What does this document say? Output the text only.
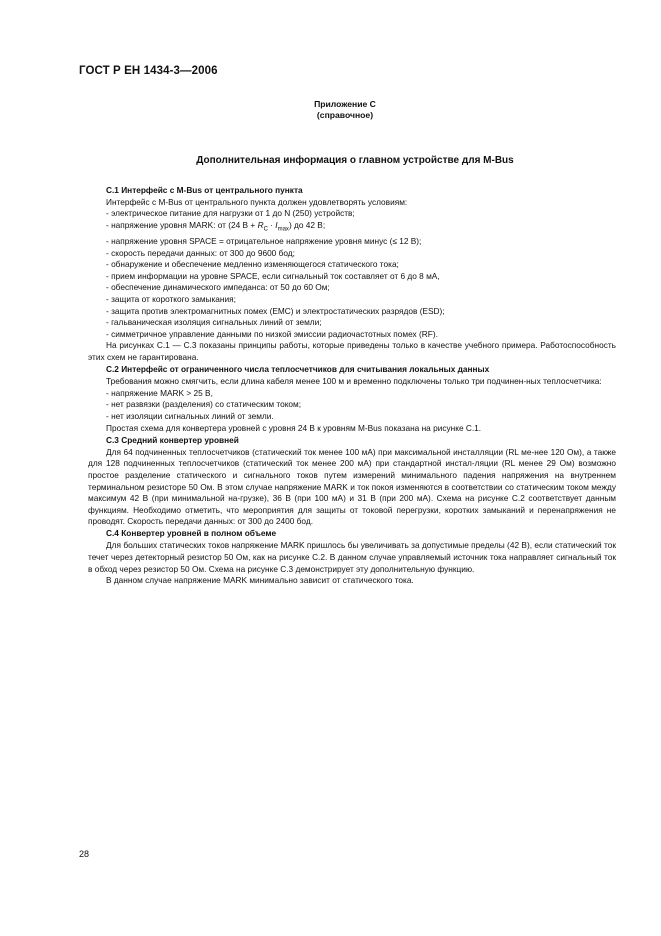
ГОСТ Р ЕН 1434-3—2006
Приложение С
(справочное)
Дополнительная информация о главном устройстве для M-Bus

С.1 Интерфейс с M-Bus от центрального пункта

Интерфейс с M-Bus от центрального пункта должен удовлетворять условиям:

- электрическое питание для нагрузки от 1 до N (250) устройств;

- напряжение уровня MARK: от (24 $В + R_C \cdot I_{max}$) до 42 В;

- напряжение уровня SPACE = отрицательное напряжение уровня минус (≤ 12 В);

- скорость передачи данных: от 300 до 9600 бод;

- обнаружение и обеспечение медленно изменяющегося статического тока;

- прием информации на уровне SPACE, если сигнальный ток составляет от 6 до 8 мА,

- обеспечение динамического импеданса: от 50 до 60 Ом;

- защита от короткого замыкания;

- защита против электромагнитных помех (ЕМС) и электростатических разрядов (ESD);

- гальваническая изоляция сигнальных линий от земли;

- симметричное управление данными по низкой эмиссии радиочастотных помех (RF).

На рисунках С.1 — С.3 показаны принципы работы, которые приведены только в качестве учебного примера. Работоспособность этих схем не гарантирована.

С.2 Интерфейс от ограниченного числа теплосчетчиков для считывания локальных данных

Требования можно смягчить, если длина кабеля менее 100 м и временно подключены только три подчинен-ных теплосчетчика:

- напряжение MARK > 25 В,

- нет развязки (разделения) со статическим током;

- нет изоляции сигнальных линий от земли.

Простая схема для конвертера уровней с уровня 24 В к уровням M-Bus показана на рисунке С.1.

С.3 Средний конвертер уровней

Для 64 подчиненных теплосчетчиков (статический ток менее 100 мА) при максимальной инсталляции (RL ме-нее 120 Ом), а также для 128 подчиненных теплосчетчиков (статический ток менее 200 мА) при стандартной инстал-ляции (RL менее 29 Ом) возможно простое разделение статического и сигнального токов путем измерений минимального падения напряжения на внутреннем терминальном резисторе 50 Ом. В этом случае напряжение MARK и ток покоя изменяются в соответствии со статическим током между максимум 42 В (при минимальной на-грузке), 36 В (при 100 мА) и 31 В (при 200 мА). Схема на рисунке С.2 соответствует данным функциям. Необходимо отметить, что мероприятия для защиты от токовой перегрузки, коротких замыканий и перенапряжения не проводят. Скорость передачи данных: от 300 до 2400 бод.

С.4 Конвертер уровней в полном объеме

Для больших статических токов напряжение MARK пришлось бы увеличивать за допустимые пределы (42 В), если статический ток течет через детекторный резистор 50 Ом, как на рисунке С.2. В данном случае управляемый источник тока направляет сигнальный ток в обход через резистор 50 Ом. Схема на рисунке С.3 демонстрирует эту дополнительную функцию.

В данном случае напряжение MARK минимально зависит от статического тока.

28
